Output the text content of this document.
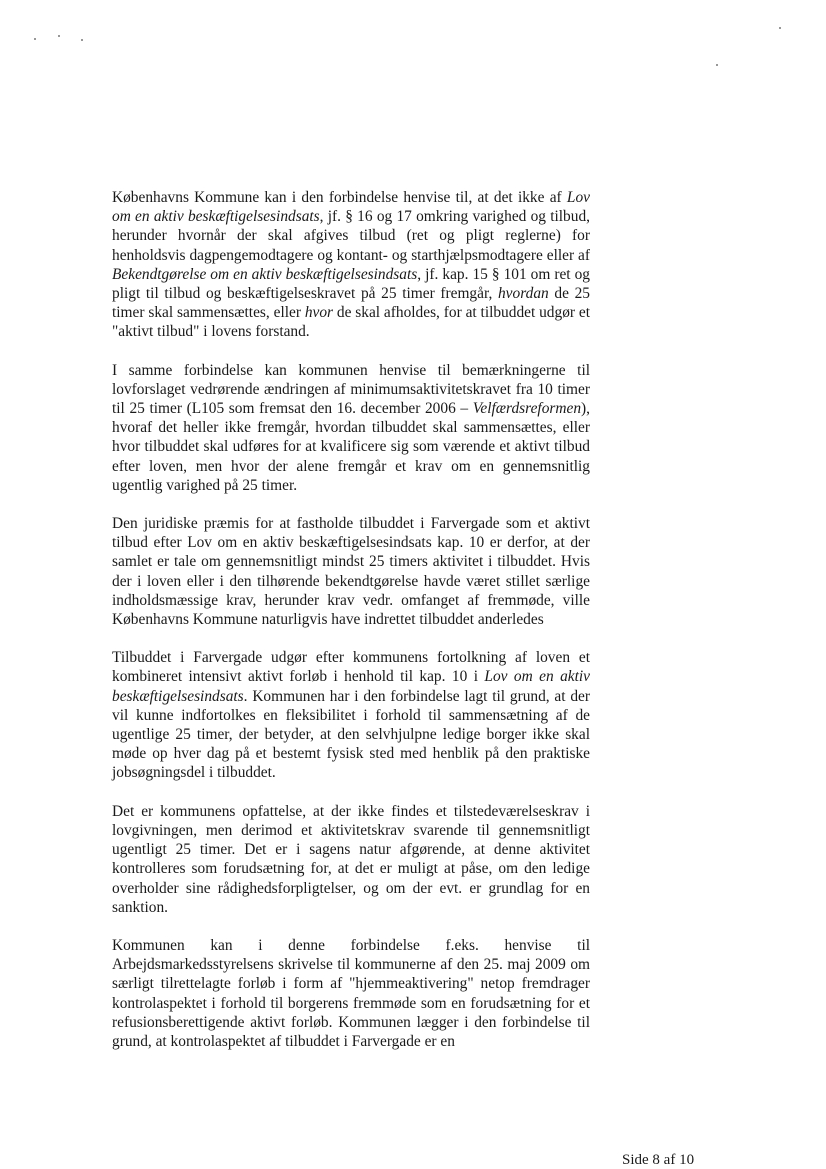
Københavns Kommune kan i den forbindelse henvise til, at det ikke af Lov om en aktiv beskæftigelsesindsats, jf. § 16 og 17 omkring varighed og tilbud, herunder hvornår der skal afgives tilbud (ret og pligt reglerne) for henholdsvis dagpengemodtagere og kontant- og starthjælpsmodtagere eller af Bekendtgørelse om en aktiv beskæftigelsesindsats, jf. kap. 15 § 101 om ret og pligt til tilbud og beskæftigelseskravet på 25 timer fremgår, hvordan de 25 timer skal sammensættes, eller hvor de skal afholdes, for at tilbuddet udgør et "aktivt tilbud" i lovens forstand.

I samme forbindelse kan kommunen henvise til bemærkningerne til lovforslaget vedrørende ændringen af minimumsaktivitetskravet fra 10 timer til 25 timer (L105 som fremsat den 16. december 2006 – Velfærdsreformen), hvoraf det heller ikke fremgår, hvordan tilbuddet skal sammensættes, eller hvor tilbuddet skal udføres for at kvalificere sig som værende et aktivt tilbud efter loven, men hvor der alene fremgår et krav om en gennemsnitlig ugentlig varighed på 25 timer.

Den juridiske præmis for at fastholde tilbuddet i Farvergade som et aktivt tilbud efter Lov om en aktiv beskæftigelsesindsats kap. 10 er derfor, at der samlet er tale om gennemsnitligt mindst 25 timers aktivitet i tilbuddet. Hvis der i loven eller i den tilhørende bekendtgørelse havde været stillet særlige indholdsmæssige krav, herunder krav vedr. omfanget af fremmøde, ville Københavns Kommune naturligvis have indrettet tilbuddet anderledes

Tilbuddet i Farvergade udgør efter kommunens fortolkning af loven et kombineret intensivt aktivt forløb i henhold til kap. 10 i Lov om en aktiv beskæftigelsesindsats. Kommunen har i den forbindelse lagt til grund, at der vil kunne indfortolkes en fleksibilitet i forhold til sammensætning af de ugentlige 25 timer, der betyder, at den selvhjulpne ledige borger ikke skal møde op hver dag på et bestemt fysisk sted med henblik på den praktiske jobsøgningsdel i tilbuddet.

Det er kommunens opfattelse, at der ikke findes et tilstedeværelseskrav i lovgivningen, men derimod et aktivitetskrav svarende til gennemsnitligt ugentligt 25 timer. Det er i sagens natur afgørende, at denne aktivitet kontrolleres som forudsætning for, at det er muligt at påse, om den ledige overholder sine rådighedsforpligtelser, og om der evt. er grundlag for en sanktion.

Kommunen kan i denne forbindelse f.eks. henvise til Arbejdsmarkedsstyrelsens skrivelse til kommunerne af den 25. maj 2009 om særligt tilrettelagte forløb i form af "hjemmeaktivering" netop fremdrager kontrolaspektet i forhold til borgerens fremmøde som en forudsætning for et refusionsberettigende aktivt forløb. Kommunen lægger i den forbindelse til grund, at kontrolaspektet af tilbuddet i Farvergade er en

Side 8 af 10
